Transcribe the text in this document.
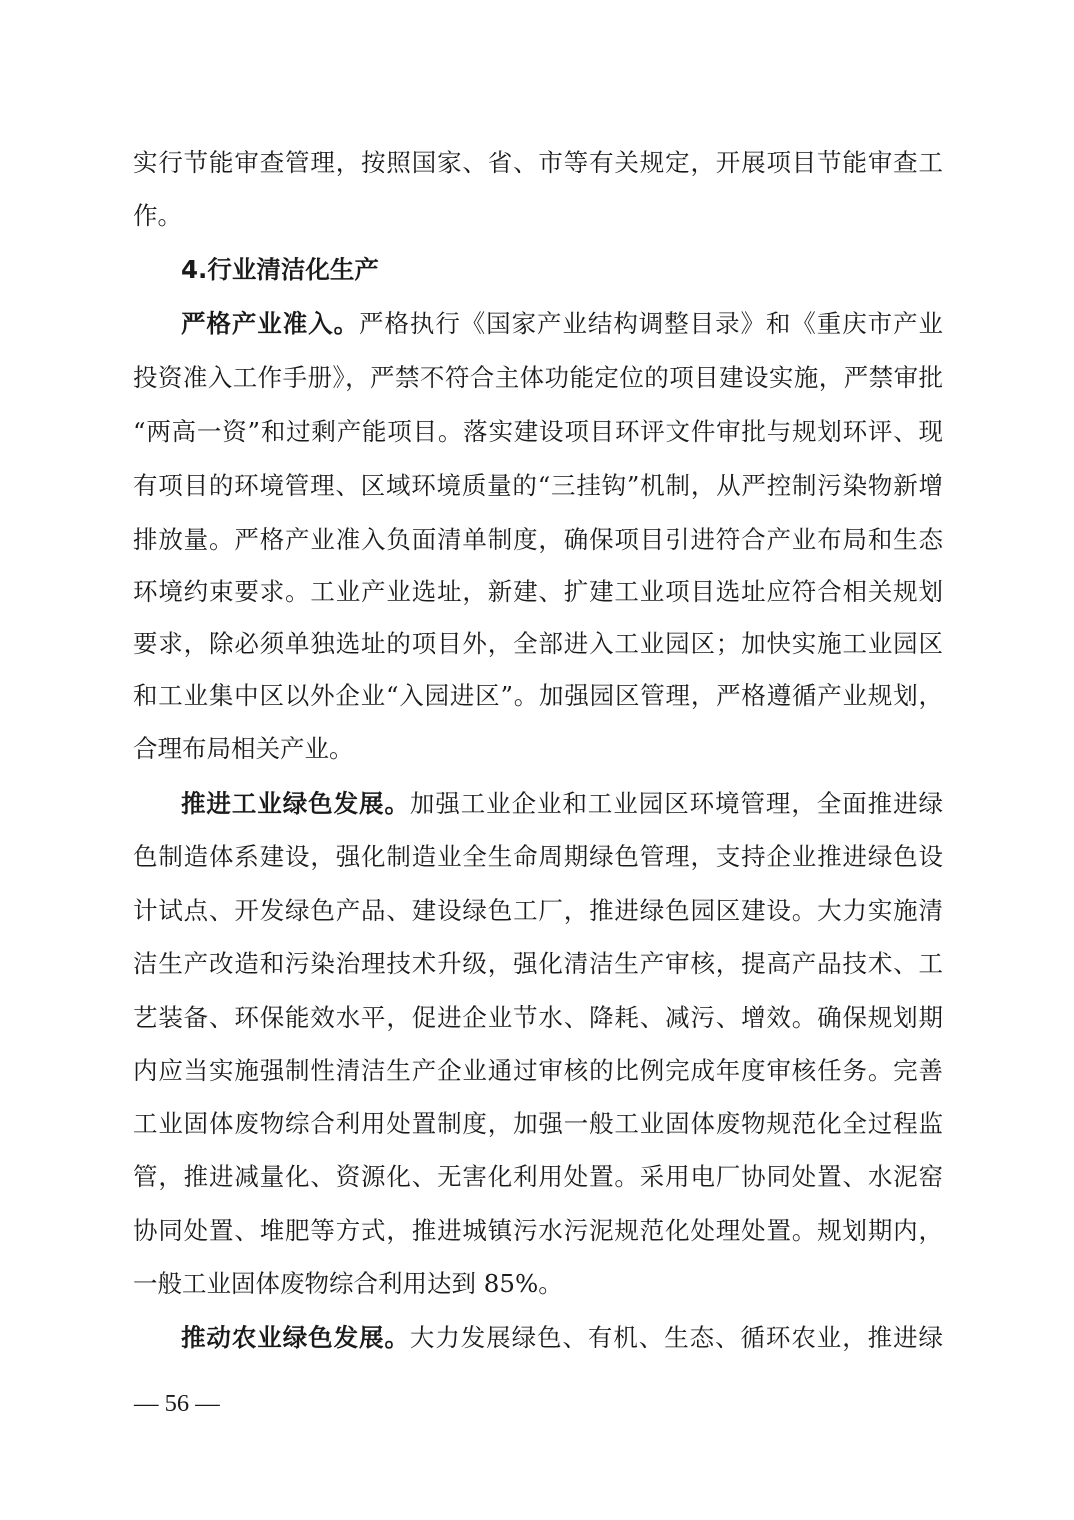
实行节能审查管理，按照国家、省、市等有关规定，开展项目节能审查工
作。
4.行业清洁化生产
严格产业准入。严格执行《国家产业结构调整目录》和《重庆市产业
投资准入工作手册》，严禁不符合主体功能定位的项目建设实施，严禁审批
“两高一资”和过剩产能项目。落实建设项目环评文件审批与规划环评、现
有项目的环境管理、区域环境质量的“三挂钩”机制，从严控制污染物新增
排放量。严格产业准入负面清单制度，确保项目引进符合产业布局和生态
环境约束要求。工业产业选址，新建、扩建工业项目选址应符合相关规划
要求，除必须单独选址的项目外，全部进入工业园区；加快实施工业园区
和工业集中区以外企业“入园进区”。加强园区管理，严格遵循产业规划，
合理布局相关产业。
推进工业绿色发展。加强工业企业和工业园区环境管理，全面推进绿
色制造体系建设，强化制造业全生命周期绿色管理，支持企业推进绿色设
计试点、开发绿色产品、建设绿色工厂，推进绿色园区建设。大力实施清
洁生产改造和污染治理技术升级，强化清洁生产审核，提高产品技术、工
艺装备、环保能效水平，促进企业节水、降耗、减污、增效。确保规划期
内应当实施强制性清洁生产企业通过审核的比例完成年度审核任务。完善
工业固体废物综合利用处置制度，加强一般工业固体废物规范化全过程监
管，推进减量化、资源化、无害化利用处置。采用电厂协同处置、水泥窑
协同处置、堆肥等方式，推进城镇污水污泥规范化处理处置。规划期内，
一般工业固体废物综合利用达到 85%。
推动农业绿色发展。大力发展绿色、有机、生态、循环农业，推进绿
— 56 —
